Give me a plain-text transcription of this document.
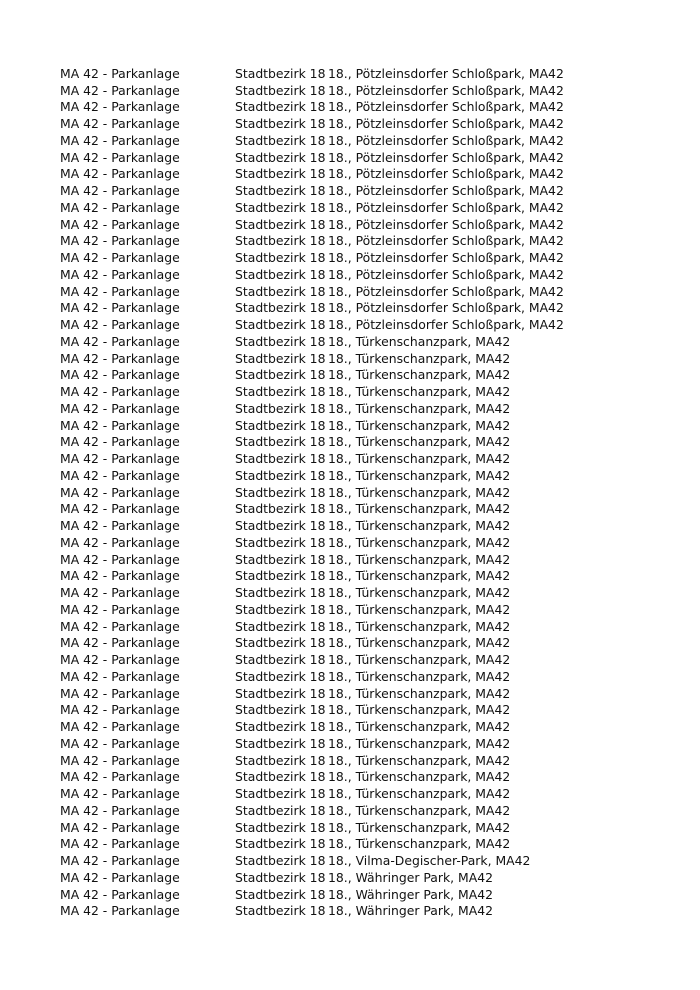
MA 42 - Parkanlage	Stadtbezirk 18 18., Pötzleinsdorfer Schloßpark, MA42
MA 42 - Parkanlage	Stadtbezirk 18 18., Pötzleinsdorfer Schloßpark, MA42
MA 42 - Parkanlage	Stadtbezirk 18 18., Pötzleinsdorfer Schloßpark, MA42
MA 42 - Parkanlage	Stadtbezirk 18 18., Pötzleinsdorfer Schloßpark, MA42
MA 42 - Parkanlage	Stadtbezirk 18 18., Pötzleinsdorfer Schloßpark, MA42
MA 42 - Parkanlage	Stadtbezirk 18 18., Pötzleinsdorfer Schloßpark, MA42
MA 42 - Parkanlage	Stadtbezirk 18 18., Pötzleinsdorfer Schloßpark, MA42
MA 42 - Parkanlage	Stadtbezirk 18 18., Pötzleinsdorfer Schloßpark, MA42
MA 42 - Parkanlage	Stadtbezirk 18 18., Pötzleinsdorfer Schloßpark, MA42
MA 42 - Parkanlage	Stadtbezirk 18 18., Pötzleinsdorfer Schloßpark, MA42
MA 42 - Parkanlage	Stadtbezirk 18 18., Pötzleinsdorfer Schloßpark, MA42
MA 42 - Parkanlage	Stadtbezirk 18 18., Pötzleinsdorfer Schloßpark, MA42
MA 42 - Parkanlage	Stadtbezirk 18 18., Pötzleinsdorfer Schloßpark, MA42
MA 42 - Parkanlage	Stadtbezirk 18 18., Pötzleinsdorfer Schloßpark, MA42
MA 42 - Parkanlage	Stadtbezirk 18 18., Pötzleinsdorfer Schloßpark, MA42
MA 42 - Parkanlage	Stadtbezirk 18 18., Pötzleinsdorfer Schloßpark, MA42
MA 42 - Parkanlage	Stadtbezirk 18 18., Türkenschanzpark, MA42
MA 42 - Parkanlage	Stadtbezirk 18 18., Türkenschanzpark, MA42
MA 42 - Parkanlage	Stadtbezirk 18 18., Türkenschanzpark, MA42
MA 42 - Parkanlage	Stadtbezirk 18 18., Türkenschanzpark, MA42
MA 42 - Parkanlage	Stadtbezirk 18 18., Türkenschanzpark, MA42
MA 42 - Parkanlage	Stadtbezirk 18 18., Türkenschanzpark, MA42
MA 42 - Parkanlage	Stadtbezirk 18 18., Türkenschanzpark, MA42
MA 42 - Parkanlage	Stadtbezirk 18 18., Türkenschanzpark, MA42
MA 42 - Parkanlage	Stadtbezirk 18 18., Türkenschanzpark, MA42
MA 42 - Parkanlage	Stadtbezirk 18 18., Türkenschanzpark, MA42
MA 42 - Parkanlage	Stadtbezirk 18 18., Türkenschanzpark, MA42
MA 42 - Parkanlage	Stadtbezirk 18 18., Türkenschanzpark, MA42
MA 42 - Parkanlage	Stadtbezirk 18 18., Türkenschanzpark, MA42
MA 42 - Parkanlage	Stadtbezirk 18 18., Türkenschanzpark, MA42
MA 42 - Parkanlage	Stadtbezirk 18 18., Türkenschanzpark, MA42
MA 42 - Parkanlage	Stadtbezirk 18 18., Türkenschanzpark, MA42
MA 42 - Parkanlage	Stadtbezirk 18 18., Türkenschanzpark, MA42
MA 42 - Parkanlage	Stadtbezirk 18 18., Türkenschanzpark, MA42
MA 42 - Parkanlage	Stadtbezirk 18 18., Türkenschanzpark, MA42
MA 42 - Parkanlage	Stadtbezirk 18 18., Türkenschanzpark, MA42
MA 42 - Parkanlage	Stadtbezirk 18 18., Türkenschanzpark, MA42
MA 42 - Parkanlage	Stadtbezirk 18 18., Türkenschanzpark, MA42
MA 42 - Parkanlage	Stadtbezirk 18 18., Türkenschanzpark, MA42
MA 42 - Parkanlage	Stadtbezirk 18 18., Türkenschanzpark, MA42
MA 42 - Parkanlage	Stadtbezirk 18 18., Türkenschanzpark, MA42
MA 42 - Parkanlage	Stadtbezirk 18 18., Türkenschanzpark, MA42
MA 42 - Parkanlage	Stadtbezirk 18 18., Türkenschanzpark, MA42
MA 42 - Parkanlage	Stadtbezirk 18 18., Türkenschanzpark, MA42
MA 42 - Parkanlage	Stadtbezirk 18 18., Türkenschanzpark, MA42
MA 42 - Parkanlage	Stadtbezirk 18 18., Türkenschanzpark, MA42
MA 42 - Parkanlage	Stadtbezirk 18 18., Türkenschanzpark, MA42
MA 42 - Parkanlage	Stadtbezirk 18 18., Vilma-Degischer-Park, MA42
MA 42 - Parkanlage	Stadtbezirk 18 18., Währinger Park, MA42
MA 42 - Parkanlage	Stadtbezirk 18 18., Währinger Park, MA42
MA 42 - Parkanlage	Stadtbezirk 18 18., Währinger Park, MA42
